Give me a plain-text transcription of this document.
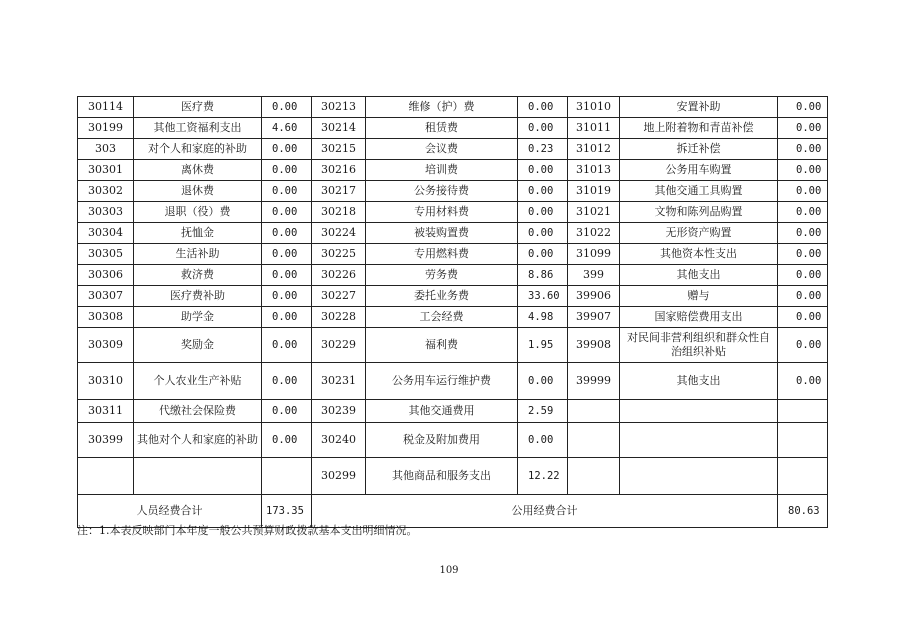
30114	医疗费	0.00	30213	维修（护）费	0.00	31010	安置补助	0.00
30199	其他工资福利支出	4.60	30214	租赁费	0.00	31011	地上附着物和青苗补偿	0.00
303	对个人和家庭的补助	0.00	30215	会议费	0.23	31012	拆迁补偿	0.00
30301	离休费	0.00	30216	培训费	0.00	31013	公务用车购置	0.00
30302	退休费	0.00	30217	公务接待费	0.00	31019	其他交通工具购置	0.00
30303	退职（役）费	0.00	30218	专用材料费	0.00	31021	文物和陈列品购置	0.00
30304	抚恤金	0.00	30224	被装购置费	0.00	31022	无形资产购置	0.00
30305	生活补助	0.00	30225	专用燃料费	0.00	31099	其他资本性支出	0.00
30306	救济费	0.00	30226	劳务费	8.86	399	其他支出	0.00
30307	医疗费补助	0.00	30227	委托业务费	33.60	39906	赠与	0.00
30308	助学金	0.00	30228	工会经费	4.98	39907	国家赔偿费用支出	0.00
30309	奖励金	0.00	30229	福利费	1.95	39908	对民间非营利组织和群众性自治组织补贴	0.00
30310	个人农业生产补贴	0.00	30231	公务用车运行维护费	0.00	39999	其他支出	0.00
30311	代缴社会保险费	0.00	30239	其他交通费用	2.59			
30399	其他对个人和家庭的补助	0.00	30240	税金及附加费用	0.00			
			30299	其他商品和服务支出	12.22			
人员经费合计		173.35	公用经费合计					80.63
注：1.本表反映部门本年度一般公共预算财政拨款基本支出明细情况。
109
